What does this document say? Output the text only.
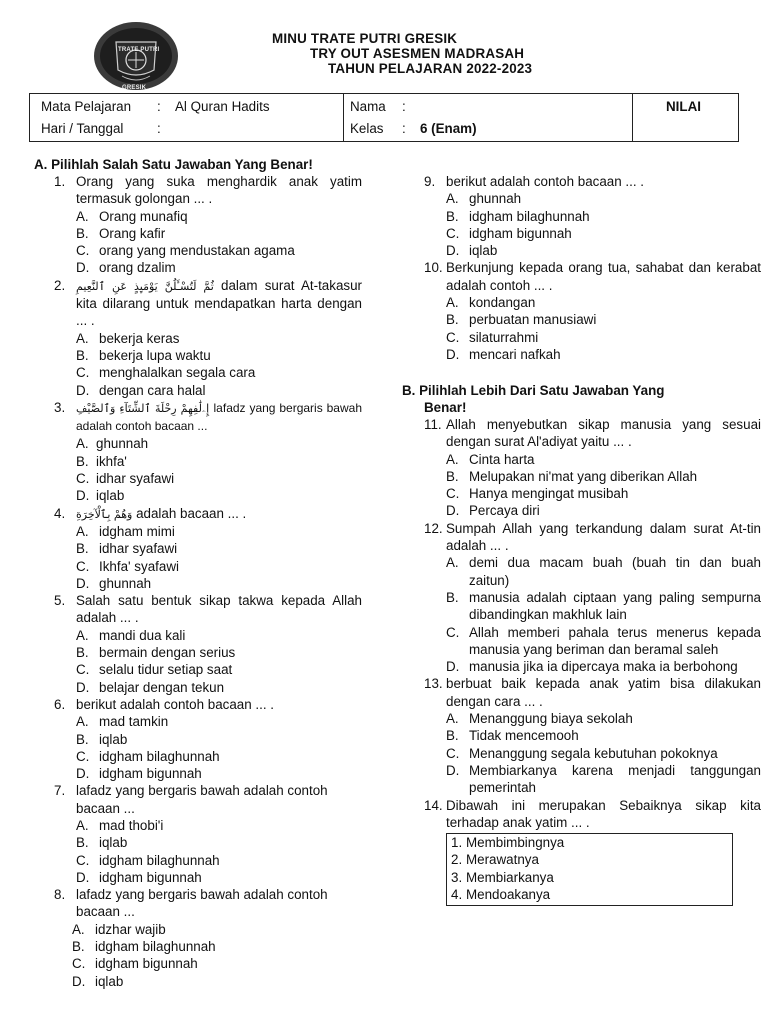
TRATE PUTRI
GRESIK
MINU TRATE PUTRI GRESIK
TRY OUT ASESMEN MADRASAH
TAHUN PELAJARAN 2022-2023
Mata Pelajaran : Al Quran Hadits
Hari / Tanggal	:
Nama :
Kelas : 6 (Enam)
NILAI
A. Pilihlah Salah Satu Jawaban Yang Benar!
1. Orang yang suka menghardik anak yatim termasuk golongan ... .
A. Orang munafiq
B. Orang kafir
C. orang yang mendustakan agama
D. orang dzalim
2. ثُمَّ لَتُسْـَٔلُنَّ يَوْمَىِٕذٍ عَنِ ٱلنَّعِيمِ dalam surat At-takasur kita dilarang untuk mendapatkan harta dengan ... .
A. bekerja keras
B. bekerja lupa waktu
C. menghalalkan segala cara
D. dengan cara halal
3. إِۦلَٰفِهِمْ رِحْلَةَ ٱلشِّتَآءِ وَٱلصَّيْفِ lafadz yang bergaris bawah adalah contoh bacaan ...
A. ghunnah
B. ikhfa'
C. idhar syafawi
D. iqlab
4. وَهُمْ بِٱلْآخِرَةِ adalah bacaan ... .
A. idgham mimi
B. idhar syafawi
C. Ikhfa' syafawi
D. ghunnah
5. Salah satu bentuk sikap takwa kepada Allah adalah ... .
A. mandi dua kali
B. bermain dengan serius
C. selalu tidur setiap saat
D. belajar dengan tekun
6. berikut adalah contoh bacaan ... .
A. mad tamkin
B. iqlab
C. idgham bilaghunnah
D. idgham bigunnah
7. lafadz yang bergaris bawah adalah contoh bacaan ...
A. mad thobi'i
B. iqlab
C. idgham bilaghunnah
D. idgham bigunnah
8. lafadz yang bergaris bawah adalah contoh bacaan ...
A. idzhar wajib
B. idgham bilaghunnah
C. idgham bigunnah
D. iqlab
9. berikut adalah contoh bacaan ... .
A. ghunnah
B. idgham bilaghunnah
C. idgham bigunnah
D. iqlab
10. Berkunjung kepada orang tua, sahabat dan kerabat adalah contoh ... .
A. kondangan
B. perbuatan manusiawi
C. silaturrahmi
D. mencari nafkah
B. Pilihlah Lebih Dari Satu Jawaban Yang
Benar!
11. Allah menyebutkan sikap manusia yang sesuai dengan surat Al'adiyat yaitu ... .
A. Cinta harta
B. Melupakan ni'mat yang diberikan Allah
C. Hanya mengingat musibah
D. Percaya diri
12. Sumpah Allah yang terkandung dalam surat At-tin adalah ... .
A. demi dua macam buah (buah tin dan buah zaitun)
B. manusia adalah ciptaan yang paling sempurna dibandingkan makhluk lain
C. Allah memberi pahala terus menerus kepada manusia yang beriman dan beramal saleh
D. manusia jika ia dipercaya maka ia berbohong
13. berbuat baik kepada anak yatim bisa dilakukan dengan cara ... .
A. Menanggung biaya sekolah
B. Tidak mencemooh
C. Menanggung segala kebutuhan pokoknya
D. Membiarkanya karena menjadi tanggungan pemerintah
14. Dibawah ini merupakan Sebaiknya sikap kita terhadap anak yatim ... .
1. Membimbingnya
2. Merawatnya
3. Membiarkanya
4. Mendoakanya
